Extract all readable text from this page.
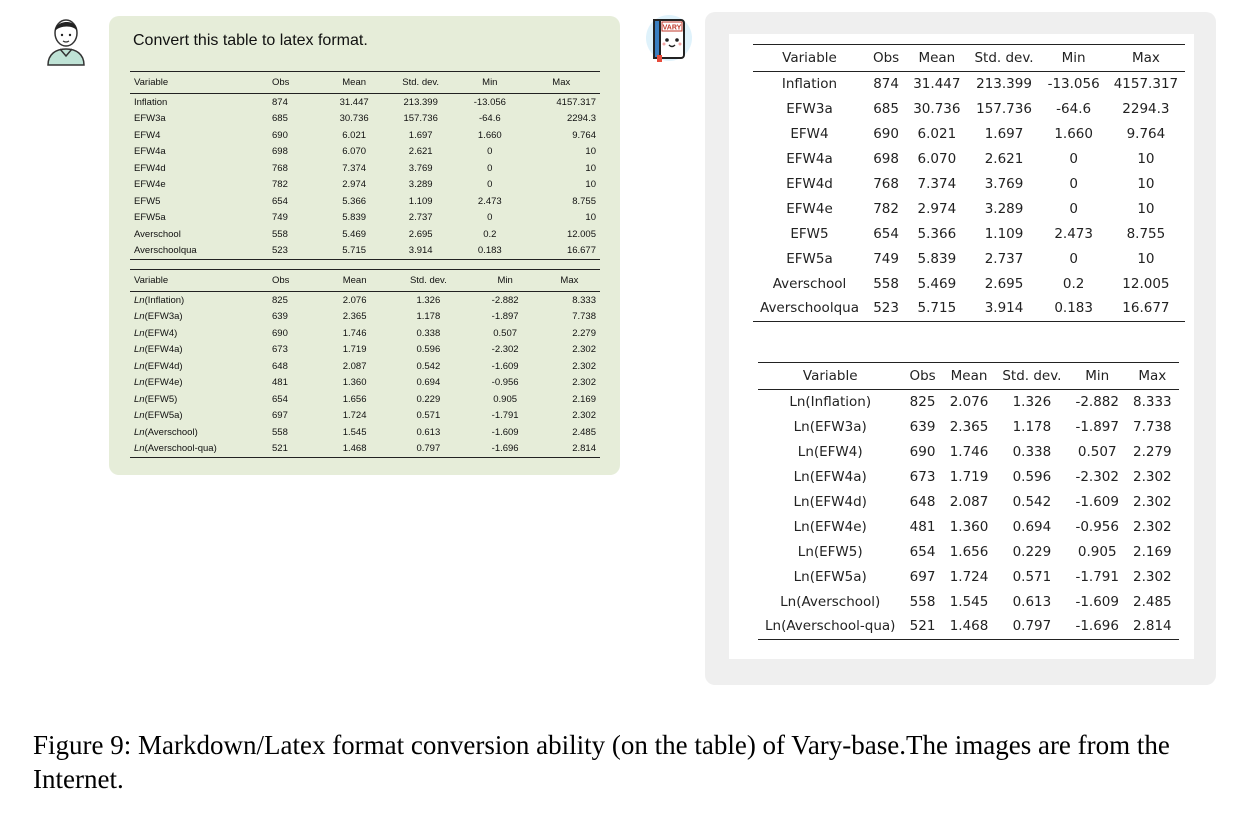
Convert this table to latex format.
Variable	Obs	Mean	Std. dev.	Min	Max
Inflation	874	31.447	213.399	-13.056	4157.317
EFW3a	685	30.736	157.736	-64.6	2294.3
EFW4	690	6.021	1.697	1.660	9.764
EFW4a	698	6.070	2.621	0	10
EFW4d	768	7.374	3.769	0	10
EFW4e	782	2.974	3.289	0	10
EFW5	654	5.366	1.109	2.473	8.755
EFW5a	749	5.839	2.737	0	10
Averschool	558	5.469	2.695	0.2	12.005
Averschoolqua	523	5.715	3.914	0.183	16.677
Variable	Obs	Mean	Std. dev.	Min	Max
Ln(Inflation)	825	2.076	1.326	-2.882	8.333
Ln(EFW3a)	639	2.365	1.178	-1.897	7.738
Ln(EFW4)	690	1.746	0.338	0.507	2.279
Ln(EFW4a)	673	1.719	0.596	-2.302	2.302
Ln(EFW4d)	648	2.087	0.542	-1.609	2.302
Ln(EFW4e)	481	1.360	0.694	-0.956	2.302
Ln(EFW5)	654	1.656	0.229	0.905	2.169
Ln(EFW5a)	697	1.724	0.571	-1.791	2.302
Ln(Averschool)	558	1.545	0.613	-1.609	2.485
Ln(Averschool-qua)	521	1.468	0.797	-1.696	2.814
VARY
Variable	Obs	Mean	Std. dev.	Min	Max
Inflation	874	31.447	213.399	-13.056	4157.317
EFW3a	685	30.736	157.736	-64.6	2294.3
EFW4	690	6.021	1.697	1.660	9.764
EFW4a	698	6.070	2.621	0	10
EFW4d	768	7.374	3.769	0	10
EFW4e	782	2.974	3.289	0	10
EFW5	654	5.366	1.109	2.473	8.755
EFW5a	749	5.839	2.737	0	10
Averschool	558	5.469	2.695	0.2	12.005
Averschoolqua	523	5.715	3.914	0.183	16.677
Variable	Obs	Mean	Std. dev.	Min	Max
Ln(Inflation)	825	2.076	1.326	-2.882	8.333
Ln(EFW3a)	639	2.365	1.178	-1.897	7.738
Ln(EFW4)	690	1.746	0.338	0.507	2.279
Ln(EFW4a)	673	1.719	0.596	-2.302	2.302
Ln(EFW4d)	648	2.087	0.542	-1.609	2.302
Ln(EFW4e)	481	1.360	0.694	-0.956	2.302
Ln(EFW5)	654	1.656	0.229	0.905	2.169
Ln(EFW5a)	697	1.724	0.571	-1.791	2.302
Ln(Averschool)	558	1.545	0.613	-1.609	2.485
Ln(Averschool-qua)	521	1.468	0.797	-1.696	2.814
Figure 9: Markdown/Latex format conversion ability (on the table) of Vary-base.The images are from the Internet.
